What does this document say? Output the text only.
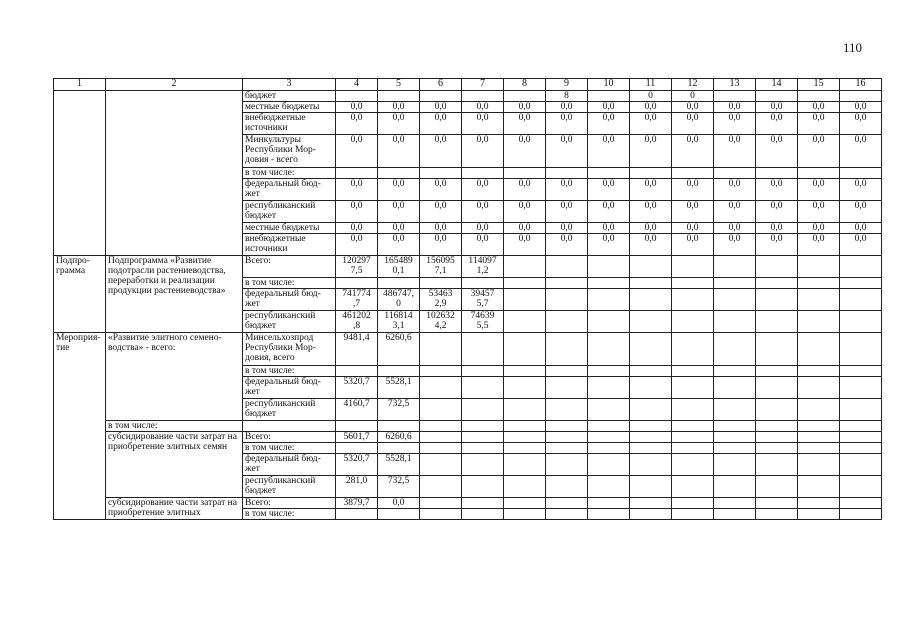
110
1	2	3	4	5	6	7	8	9	10	11	12	13	14	15	16
		бюджет						8		0	0				
		местные бюджеты	0,0	0,0	0,0	0,0	0,0	0,0	0,0	0,0	0,0	0,0	0,0	0,0	0,0
		внебюджетные источники	0,0	0,0	0,0	0,0	0,0	0,0	0,0	0,0	0,0	0,0	0,0	0,0	0,0
		Минкультуры Республики Мор-довия - всего	0,0	0,0	0,0	0,0	0,0	0,0	0,0	0,0	0,0	0,0	0,0	0,0	0,0
		в том числе:													
		федеральный бюд-жет	0,0	0,0	0,0	0,0	0,0	0,0	0,0	0,0	0,0	0,0	0,0	0,0	0,0
		республиканский бюджет	0,0	0,0	0,0	0,0	0,0	0,0	0,0	0,0	0,0	0,0	0,0	0,0	0,0
		местные бюджеты	0,0	0,0	0,0	0,0	0,0	0,0	0,0	0,0	0,0	0,0	0,0	0,0	0,0
		внебюджетные источники	0,0	0,0	0,0	0,0	0,0	0,0	0,0	0,0	0,0	0,0	0,0	0,0	0,0
Подпро-грамма	Подпрограмма «Развитие подотрасли растениеводства, переработки и реализации продукции растениеводства»	Всего:	120297 7,5	165489 0,1	156095 7,1	114097 1,2									
		в том числе:													
		федеральный бюд-жет	741774 ,7	486747, 0	53463 2,9	39457 5,7									
		республиканский бюджет	461202 ,8	116814 3,1	102632 4,2	74639 5,5									
Мероприя-тие	«Развитие элитного семено-водства» - всего:	Минсельхозпрод Республики Мор-довия, всего	9481,4	6260,6											
		в том числе:													
		федеральный бюд-жет	5320,7	5528,1											
		республиканский бюджет	4160,7	732,5											
	в том числе:														
	субсидирование части затрат на приобретение элитных семян	Всего:	5601,7	6260,6											
		в том числе:													
		федеральный бюд-жет	5320,7	5528,1											
		республиканский бюджет	281,0	732,5											
	субсидирование части затрат на приобретение элитных	Всего:	3879,7	0,0											
		в том числе:													
